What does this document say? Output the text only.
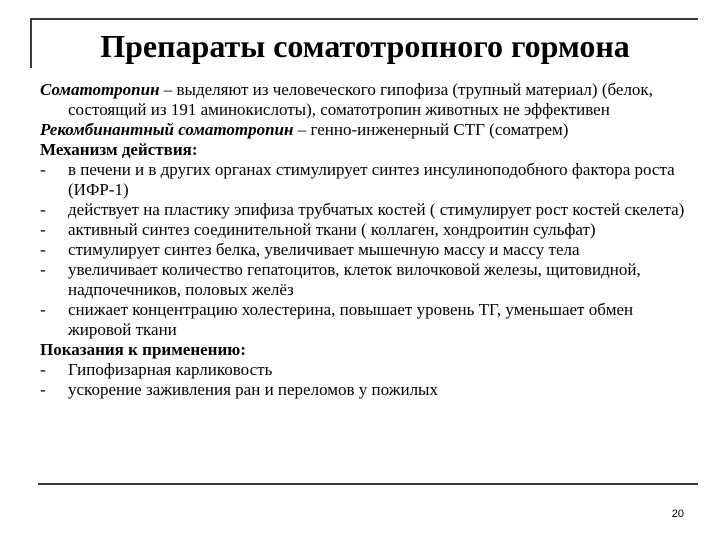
Препараты соматотропного гормона

Соматотропин – выделяют из человеческого гипофиза (трупный материал) (белок, состоящий из 191 аминокислоты), соматотропин животных не эффективен

Рекомбинантный соматотропин – генно-инженерный СТГ (соматрем)

Механизм действия:

- в печени и в других органах стимулирует синтез инсулиноподобного фактора роста (ИФР-1)

- действует на пластику эпифиза трубчатых костей ( стимулирует рост костей скелета)

- активный синтез соединительной ткани ( коллаген, хондроитин сульфат)

- стимулирует синтез белка, увеличивает мышечную массу и массу тела

- увеличивает количество гепатоцитов, клеток вилочковой железы, щитовидной, надпочечников, половых желёз

- снижает концентрацию холестерина, повышает уровень ТГ, уменьшает обмен жировой ткани

Показания к применению:

- Гипофизарная карликовость

- ускорение заживления ран и переломов у пожилых

20
